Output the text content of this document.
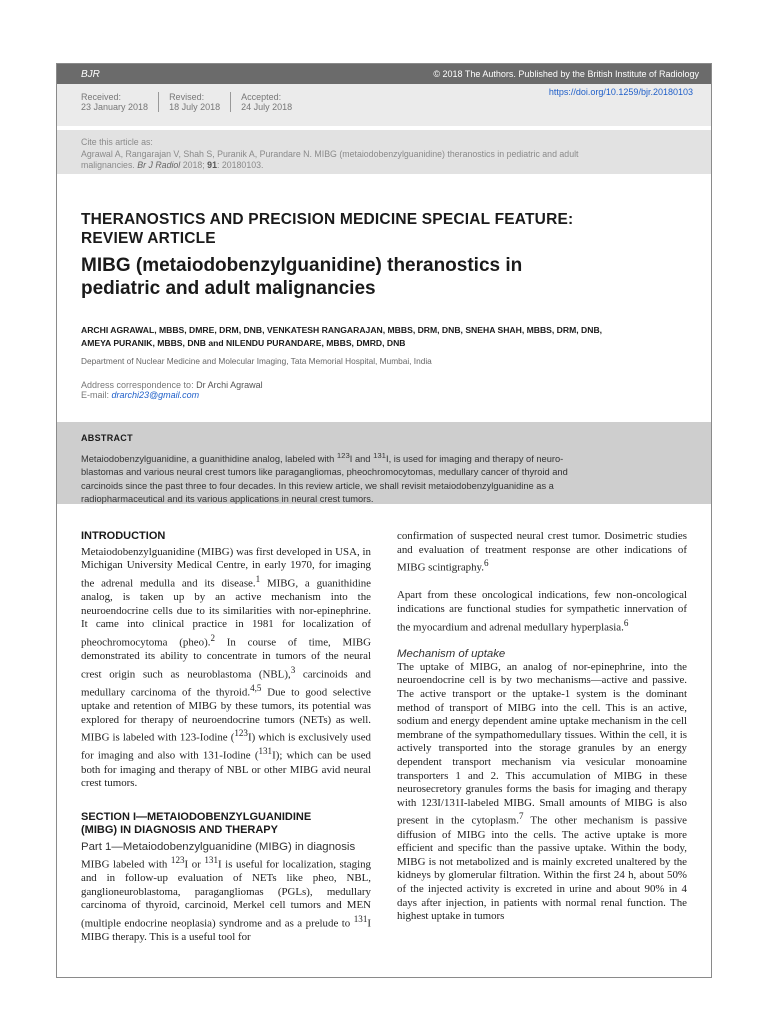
BJR	© 2018 The Authors. Published by the British Institute of Radiology
Received:
23 January 2018
Revised:
18 July 2018
Accepted:
24 July 2018
https://doi.org/10.1259/bjr.20180103
Cite this article as:
Agrawal A, Rangarajan V, Shah S, Puranik A, Purandare N. MIBG (metaiodobenzylguanidine) theranostics in pediatric and adult
malignancies. Br J Radiol 2018; 91: 20180103.
THERANOSTICS AND PRECISION MEDICINE SPECIAL FEATURE:
REVIEW ARTICLE
MIBG (metaiodobenzylguanidine) theranostics in
pediatric and adult malignancies
ARCHI AGRAWAL, MBBS, DMRE, DRM, DNB, VENKATESH RANGARAJAN, MBBS, DRM, DNB, SNEHA SHAH, MBBS, DRM, DNB,
AMEYA PURANIK, MBBS, DNB and NILENDU PURANDARE, MBBS, DMRD, DNB
Department of Nuclear Medicine and Molecular Imaging, Tata Memorial Hospital, Mumbai, India
Address correspondence to: Dr Archi Agrawal
E-mail: drarchi23@gmail.com
ABSTRACT
Metaiodobenzylguanidine, a guanithidine analog, labeled with $^{123}$I and $^{131}$I, is used for imaging and therapy of neuro-
blastomas and various neural crest tumors like paragangliomas, pheochromocytomas, medullary cancer of thyroid and
carcinoids since the past three to four decades. In this review article, we shall revisit metaiodobenzylguanidine as a
radiopharmaceutical and its various applications in neural crest tumors.
INTRODUCTION

Metaiodobenzylguanidine (MIBG) was first developed in USA, in Michigan University Medical Centre, in early 1970, for imaging the adrenal medulla and its disease.$^1$ MIBG, a guanithidine analog, is taken up by an active mechanism into the neuroendocrine cells due to its similarities with nor-epinephrine. It came into clinical practice in 1981 for localization of pheochromocytoma (pheo).$^2$ In course of time, MIBG demonstrated its ability to concentrate in tumors of the neural crest origin such as neuroblastoma (NBL),$^3$ carcinoids and medullary carcinoma of the thyroid.$^{4,5}$ Due to good selective uptake and retention of MIBG by these tumors, its potential was explored for therapy of neuroendocrine tumors (NETs) as well. MIBG is labeled with 123-Iodine ($^{123}$I) which is exclusively used for imaging and also with 131-Iodine ($^{131}$I); which can be used both for imaging and therapy of NBL or other MIBG avid neural crest tumors.

SECTION I—METAIODOBENZYLGUANIDINE
(MIBG) IN DIAGNOSIS AND THERAPY
Part 1—Metaiodobenzylguanidine (MIBG) in diagnosis

MIBG labeled with $^{123}$I or $^{131}$I is useful for localization, staging and in follow-up evaluation of NETs like pheo, NBL, ganglioneuroblastoma, paragangliomas (PGLs), medullary carcinoma of thyroid, carcinoid, Merkel cell tumors and MEN (multiple endocrine neoplasia) syndrome and as a prelude to $^{131}$I MIBG therapy. This is a useful tool for

confirmation of suspected neural crest tumor. Dosimetric studies and evaluation of treatment response are other indications of MIBG scintigraphy.$^6$

Apart from these oncological indications, few non-oncological indications are functional studies for sympathetic innervation of the myocardium and adrenal medullary hyperplasia.$^6$

Mechanism of uptake

The uptake of MIBG, an analog of nor-epinephrine, into the neuroendocrine cell is by two mechanisms—active and passive. The active transport or the uptake-1 system is the dominant method of transport of MIBG into the cell. This is an active, sodium and energy dependent amine uptake mechanism in the cell membrane of the sympathomedullary tissues. Within the cell, it is actively transported into the storage granules by an energy dependent transport mechanism via vesicular monoamine transporters 1 and 2. This accumulation of MIBG in these neurosecretory granules forms the basis for imaging and therapy with 123I/131I-labeled MIBG. Small amounts of MIBG is also present in the cytoplasm.$^7$ The other mechanism is passive diffusion of MIBG into the cells. The active uptake is more efficient and specific than the passive uptake. Within the body, MIBG is not metabolized and is mainly excreted unaltered by the kidneys by glomerular filtration. Within the first 24 h, about 50% of the injected activity is excreted in urine and about 90% in 4 days after injection, in patients with normal renal function. The highest uptake in tumors
